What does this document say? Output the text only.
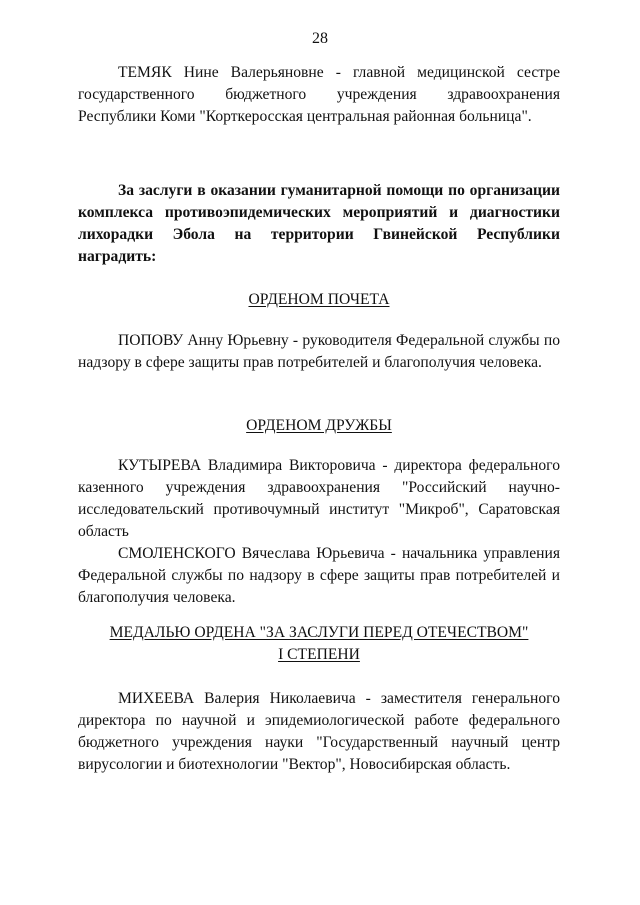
28

ТЕМЯК Нине Валерьяновне - главной медицинской сестре государственного бюджетного учреждения здравоохранения Республики Коми "Корткеросская центральная районная больница".

За заслуги в оказании гуманитарной помощи по организации комплекса противоэпидемических мероприятий и диагностики лихорадки Эбола на территории Гвинейской Республики наградить:

ОРДЕНОМ ПОЧЕТА

ПОПОВУ Анну Юрьевну - руководителя Федеральной службы по надзору в сфере защиты прав потребителей и благополучия человека.

ОРДЕНОМ ДРУЖБЫ

КУТЫРЕВА Владимира Викторовича - директора федерального казенного учреждения здравоохранения "Российский научно-исследовательский противочумный институт "Микроб", Саратовская область

СМОЛЕНСКОГО Вячеслава Юрьевича - начальника управления Федеральной службы по надзору в сфере защиты прав потребителей и благополучия человека.

МЕДАЛЬЮ ОРДЕНА "ЗА ЗАСЛУГИ ПЕРЕД ОТЕЧЕСТВОМ"
I СТЕПЕНИ

МИХЕЕВА Валерия Николаевича - заместителя генерального директора по научной и эпидемиологической работе федерального бюджетного учреждения науки "Государственный научный центр вирусологии и биотехнологии "Вектор", Новосибирская область.
